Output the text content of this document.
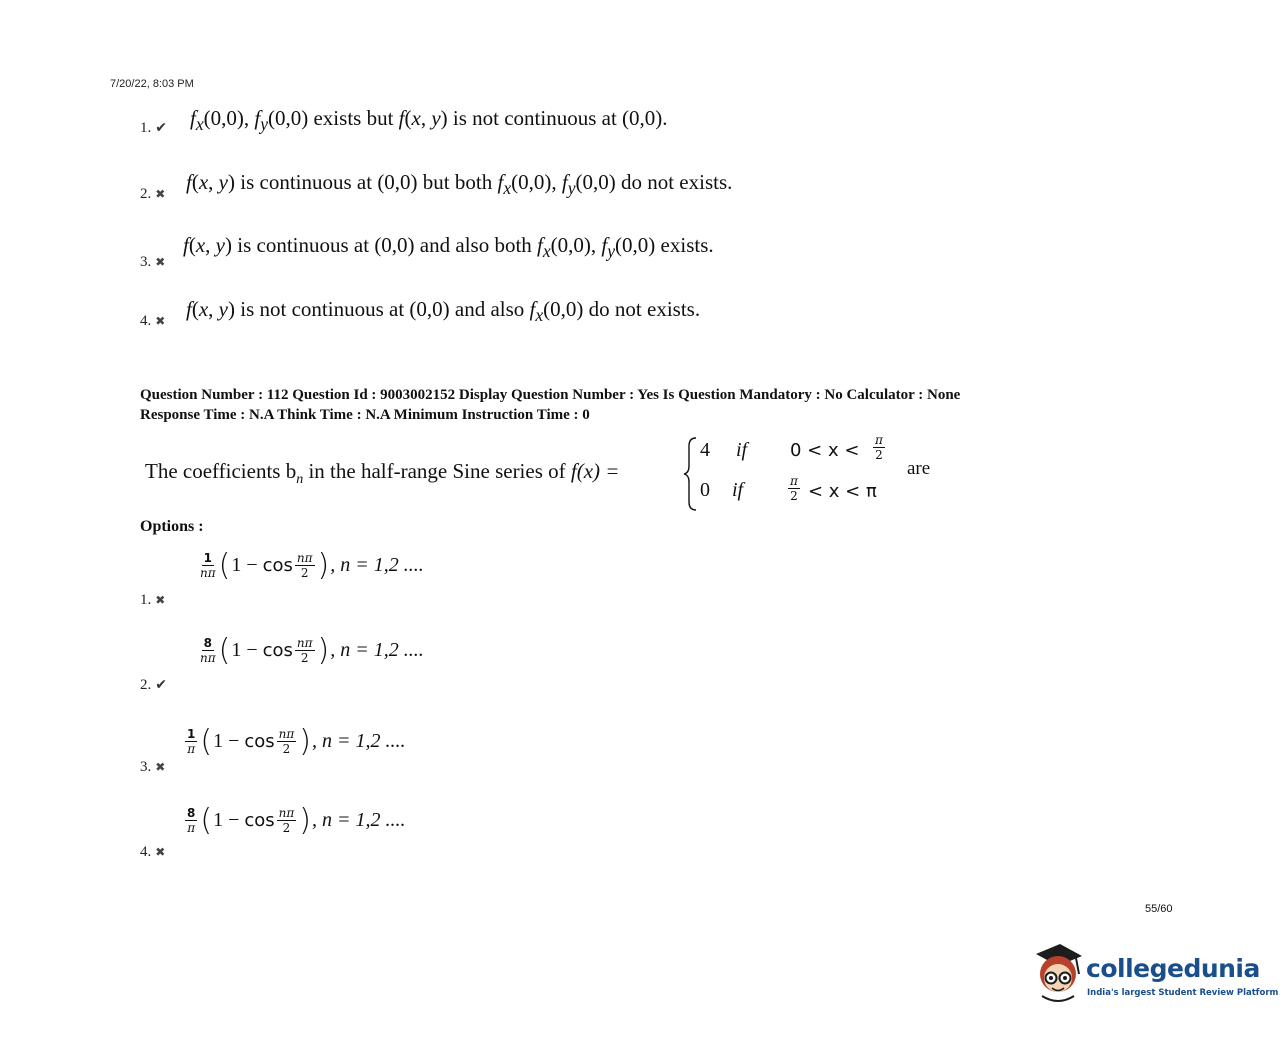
7/20/22, 8:03 PM
1. ✔ $f_x(0,0)$, $f_y(0,0)$ exists but f(x, y) is not continuous at (0,0).
2. ✖ f(x, y) is continuous at (0,0) but both $f_x(0,0)$, $f_y(0,0)$ do not exists.
3. ✖
f(x, y) is continuous at (0,0) and also both $f_x(0,0)$, $f_y(0,0)$ exists.
4. ✖ f(x, y) is not continuous at (0,0) and also $f_x(0,0)$ do not exists.
Question Number : 112 Question Id : 9003002152 Display Question Number : Yes Is Question Mandatory : No Calculator : None
Response Time : N.A Think Time : N.A Minimum Instruction Time : 0
The coefficients $b_n$ in the half-range Sine series of f(x) =
4 if $0 < x < \frac{\pi}{2}$
0 if	$\frac{\pi}{2} < x < \pi$
are
Options :
1. ✖
$\frac{1}{n\pi}$ ( 1 −
$\cos \frac{n\pi}{2}$ ) , n = 1,2 ....
2. ✔
$\frac{8}{n\pi}$ ( 1 −
$\cos \frac{n\pi}{2}$ ) , n = 1,2 ....
3. ✖
$\frac{1}{\pi}$ ( 1 −
$\cos \frac{n\pi}{2}$ ) , n = 1,2 ....
4. ✖
$\frac{8}{\pi}$ ( 1 −
$\cos \frac{n\pi}{2}$ ) , n = 1,2 ....
55/60
collegedunia
India's largest Student Review Platform
